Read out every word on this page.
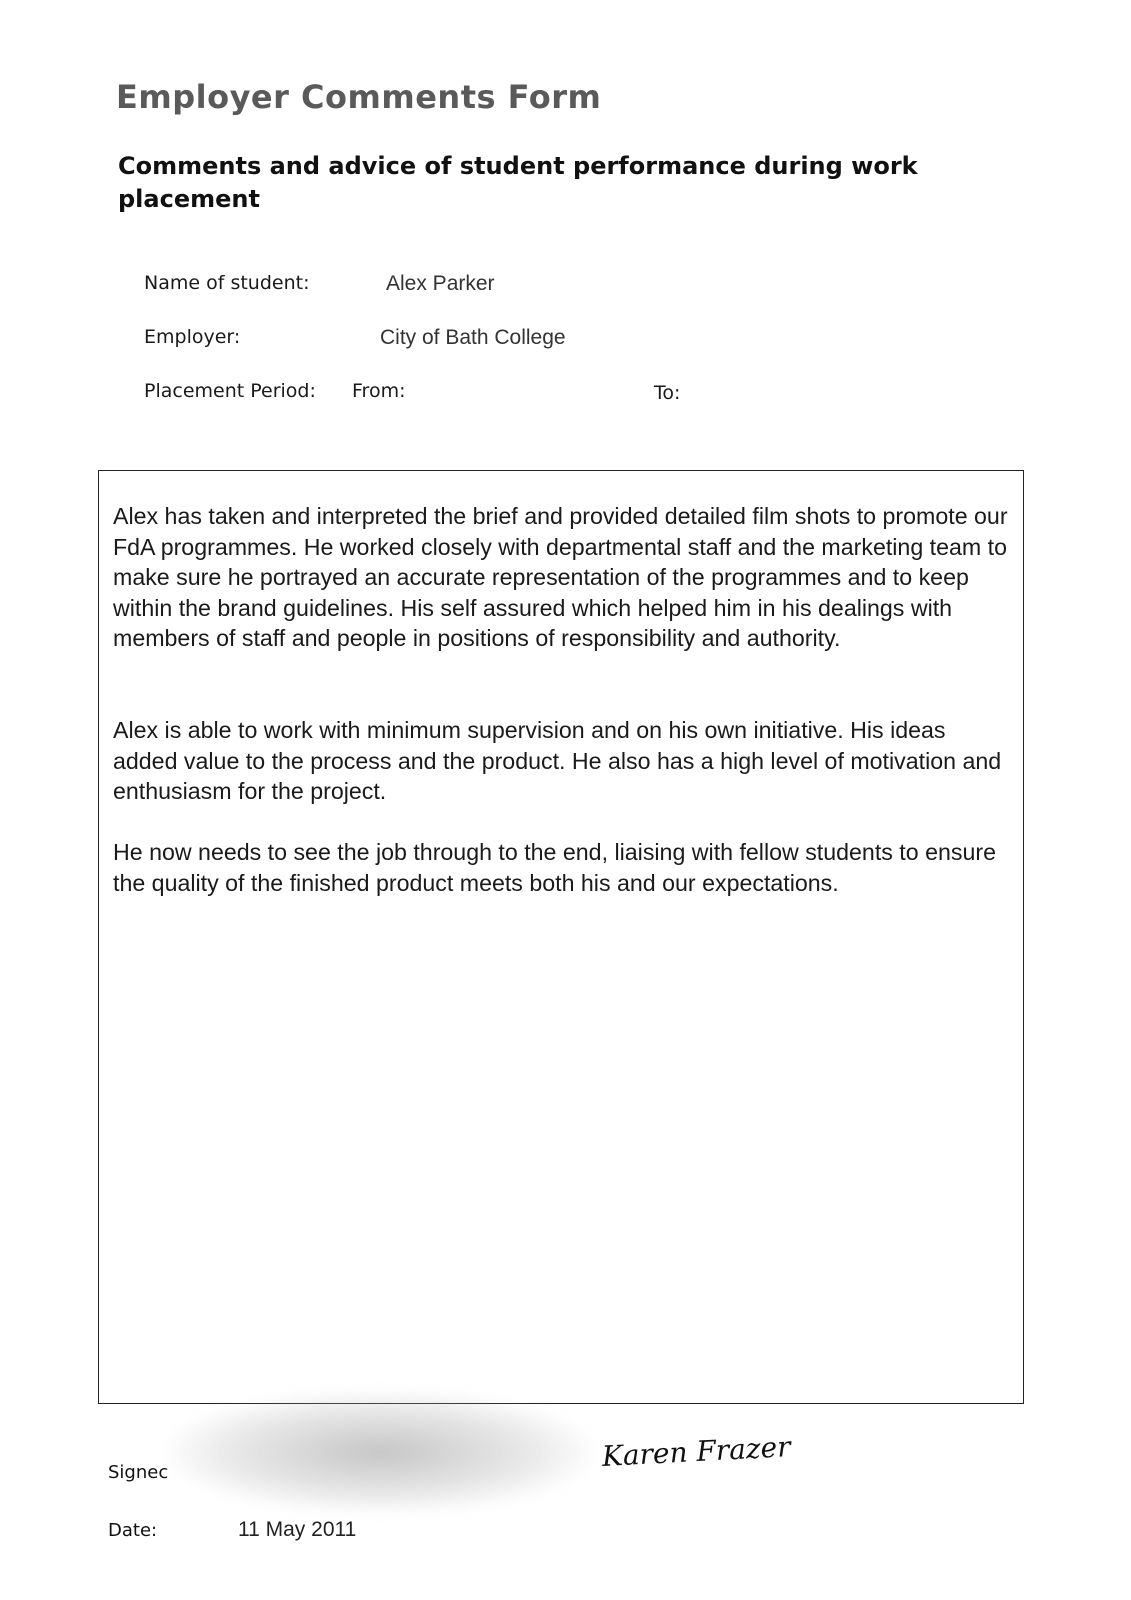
Employer Comments Form
Comments and advice of student performance during work placement
Name of student:	Alex Parker
Employer:	City of Bath College
Placement Period: From:	To:

Alex has taken and interpreted the brief and provided detailed film shots to promote our FdA programmes. He worked closely with departmental staff and the marketing team to make sure he portrayed an accurate representation of the programmes and to keep within the brand guidelines. His self assured which helped him in his dealings with members of staff and people in positions of responsibility and authority.

Alex is able to work with minimum supervision and on his own initiative. His ideas added value to the process and the product. He also has a high level of motivation and enthusiasm for the project.

He now needs to see the job through to the end, liaising with fellow students to ensure the quality of the finished product meets both his and our expectations.

Signec	Karen Frazer
Date:	11 May 2011
